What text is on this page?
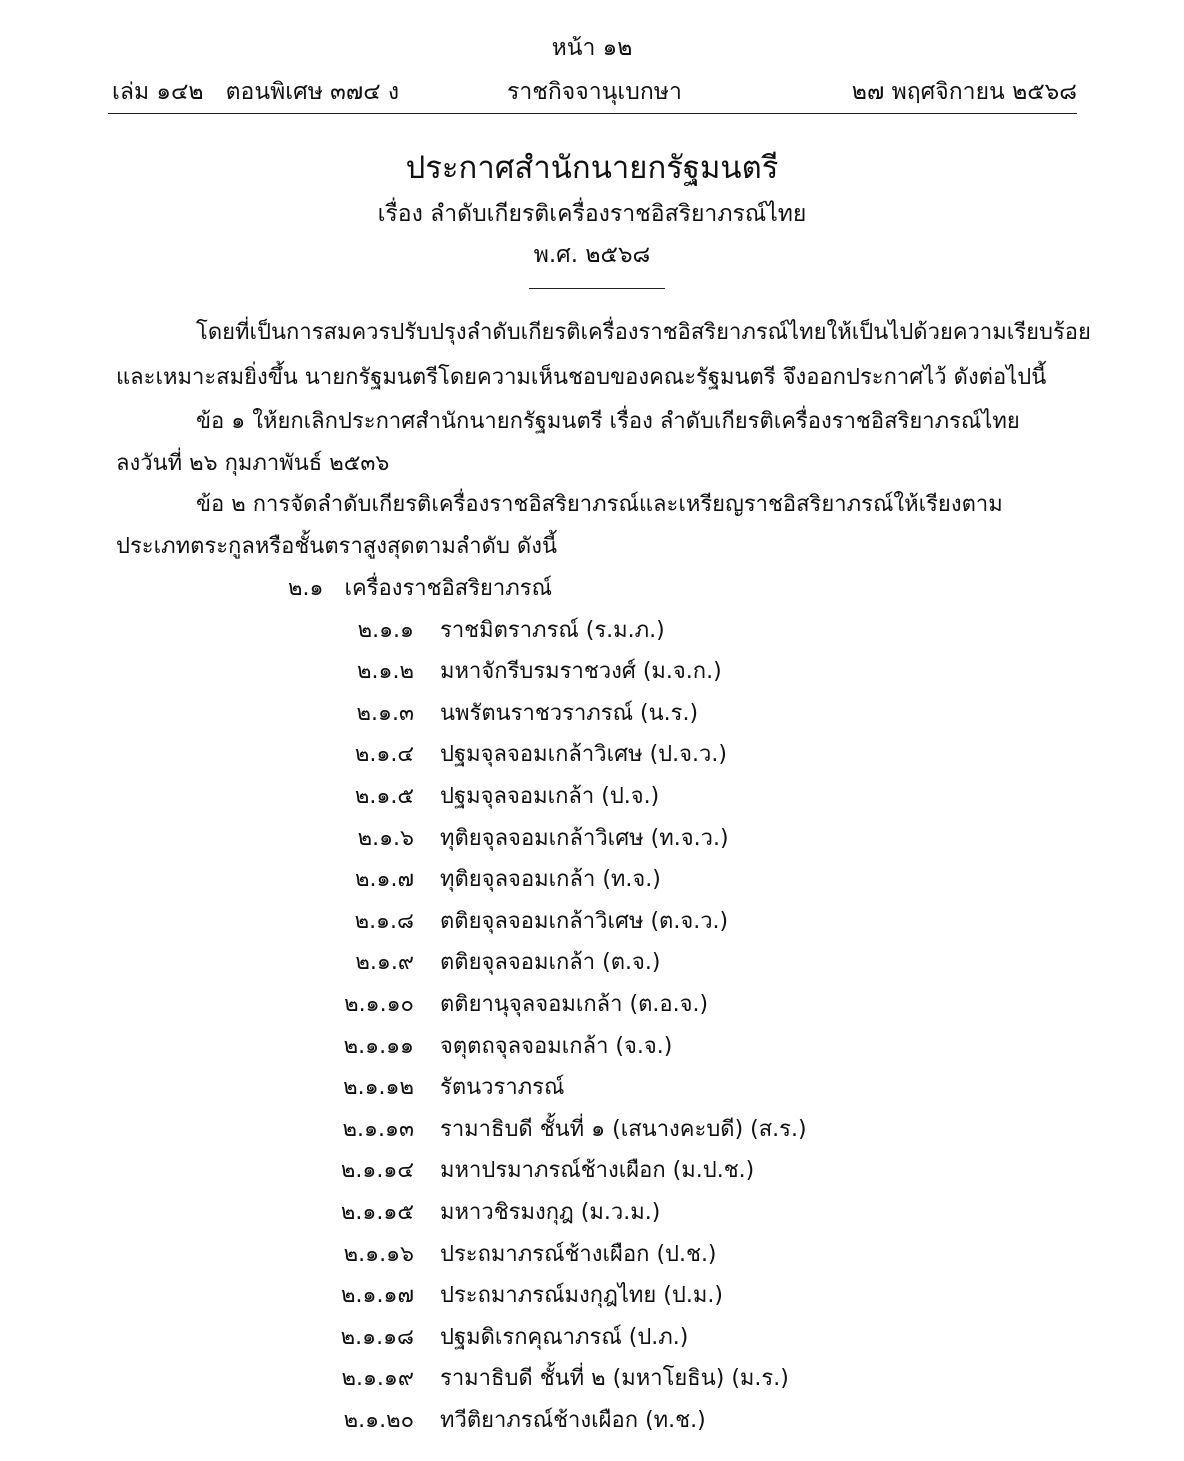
หน้า ๑๒
เล่ม ๑๔๒ ตอนพิเศษ ๓๗๔ ง	ราชกิจจานุเบกษา	๒๗ พฤศจิกายน ๒๕๖๘
ประกาศสำนักนายกรัฐมนตรี
เรื่อง ลำดับเกียรติเครื่องราชอิสริยาภรณ์ไทย
พ.ศ. ๒๕๖๘
โดยที่เป็นการสมควรปรับปรุงลำดับเกียรติเครื่องราชอิสริยาภรณ์ไทยให้เป็นไปด้วยความเรียบร้อย
และเหมาะสมยิ่งขึ้น นายกรัฐมนตรีโดยความเห็นชอบของคณะรัฐมนตรี จึงออกประกาศไว้ ดังต่อไปนี้
ข้อ ๑ ให้ยกเลิกประกาศสำนักนายกรัฐมนตรี เรื่อง ลำดับเกียรติเครื่องราชอิสริยาภรณ์ไทย
ลงวันที่ ๒๖ กุมภาพันธ์ ๒๕๓๖
ข้อ ๒ การจัดลำดับเกียรติเครื่องราชอิสริยาภรณ์และเหรียญราชอิสริยาภรณ์ให้เรียงตาม
ประเภทตระกูลหรือชั้นตราสูงสุดตามลำดับ ดังนี้
๒.๑ เครื่องราชอิสริยาภรณ์
๒.๑.๑ ราชมิตราภรณ์ (ร.ม.ภ.)
๒.๑.๒ มหาจักรีบรมราชวงศ์ (ม.จ.ก.)
๒.๑.๓ นพรัตนราชวราภรณ์ (น.ร.)
๒.๑.๔ ปฐมจุลจอมเกล้าวิเศษ (ป.จ.ว.)
๒.๑.๕ ปฐมจุลจอมเกล้า (ป.จ.)
๒.๑.๖ ทุติยจุลจอมเกล้าวิเศษ (ท.จ.ว.)
๒.๑.๗ ทุติยจุลจอมเกล้า (ท.จ.)
๒.๑.๘ ตติยจุลจอมเกล้าวิเศษ (ต.จ.ว.)
๒.๑.๙ ตติยจุลจอมเกล้า (ต.จ.)
๒.๑.๑๐ ตติยานุจุลจอมเกล้า (ต.อ.จ.)
๒.๑.๑๑ จตุตถจุลจอมเกล้า (จ.จ.)
๒.๑.๑๒ รัตนวราภรณ์
๒.๑.๑๓ รามาธิบดี ชั้นที่ ๑ (เสนางคะบดี) (ส.ร.)
๒.๑.๑๔ มหาปรมาภรณ์ช้างเผือก (ม.ป.ช.)
๒.๑.๑๕ มหาวชิรมงกุฎ (ม.ว.ม.)
๒.๑.๑๖ ประถมาภรณ์ช้างเผือก (ป.ช.)
๒.๑.๑๗ ประถมาภรณ์มงกุฎไทย (ป.ม.)
๒.๑.๑๘ ปฐมดิเรกคุณาภรณ์ (ป.ภ.)
๒.๑.๑๙ รามาธิบดี ชั้นที่ ๒ (มหาโยธิน) (ม.ร.)
๒.๑.๒๐ ทวีติยาภรณ์ช้างเผือก (ท.ช.)
